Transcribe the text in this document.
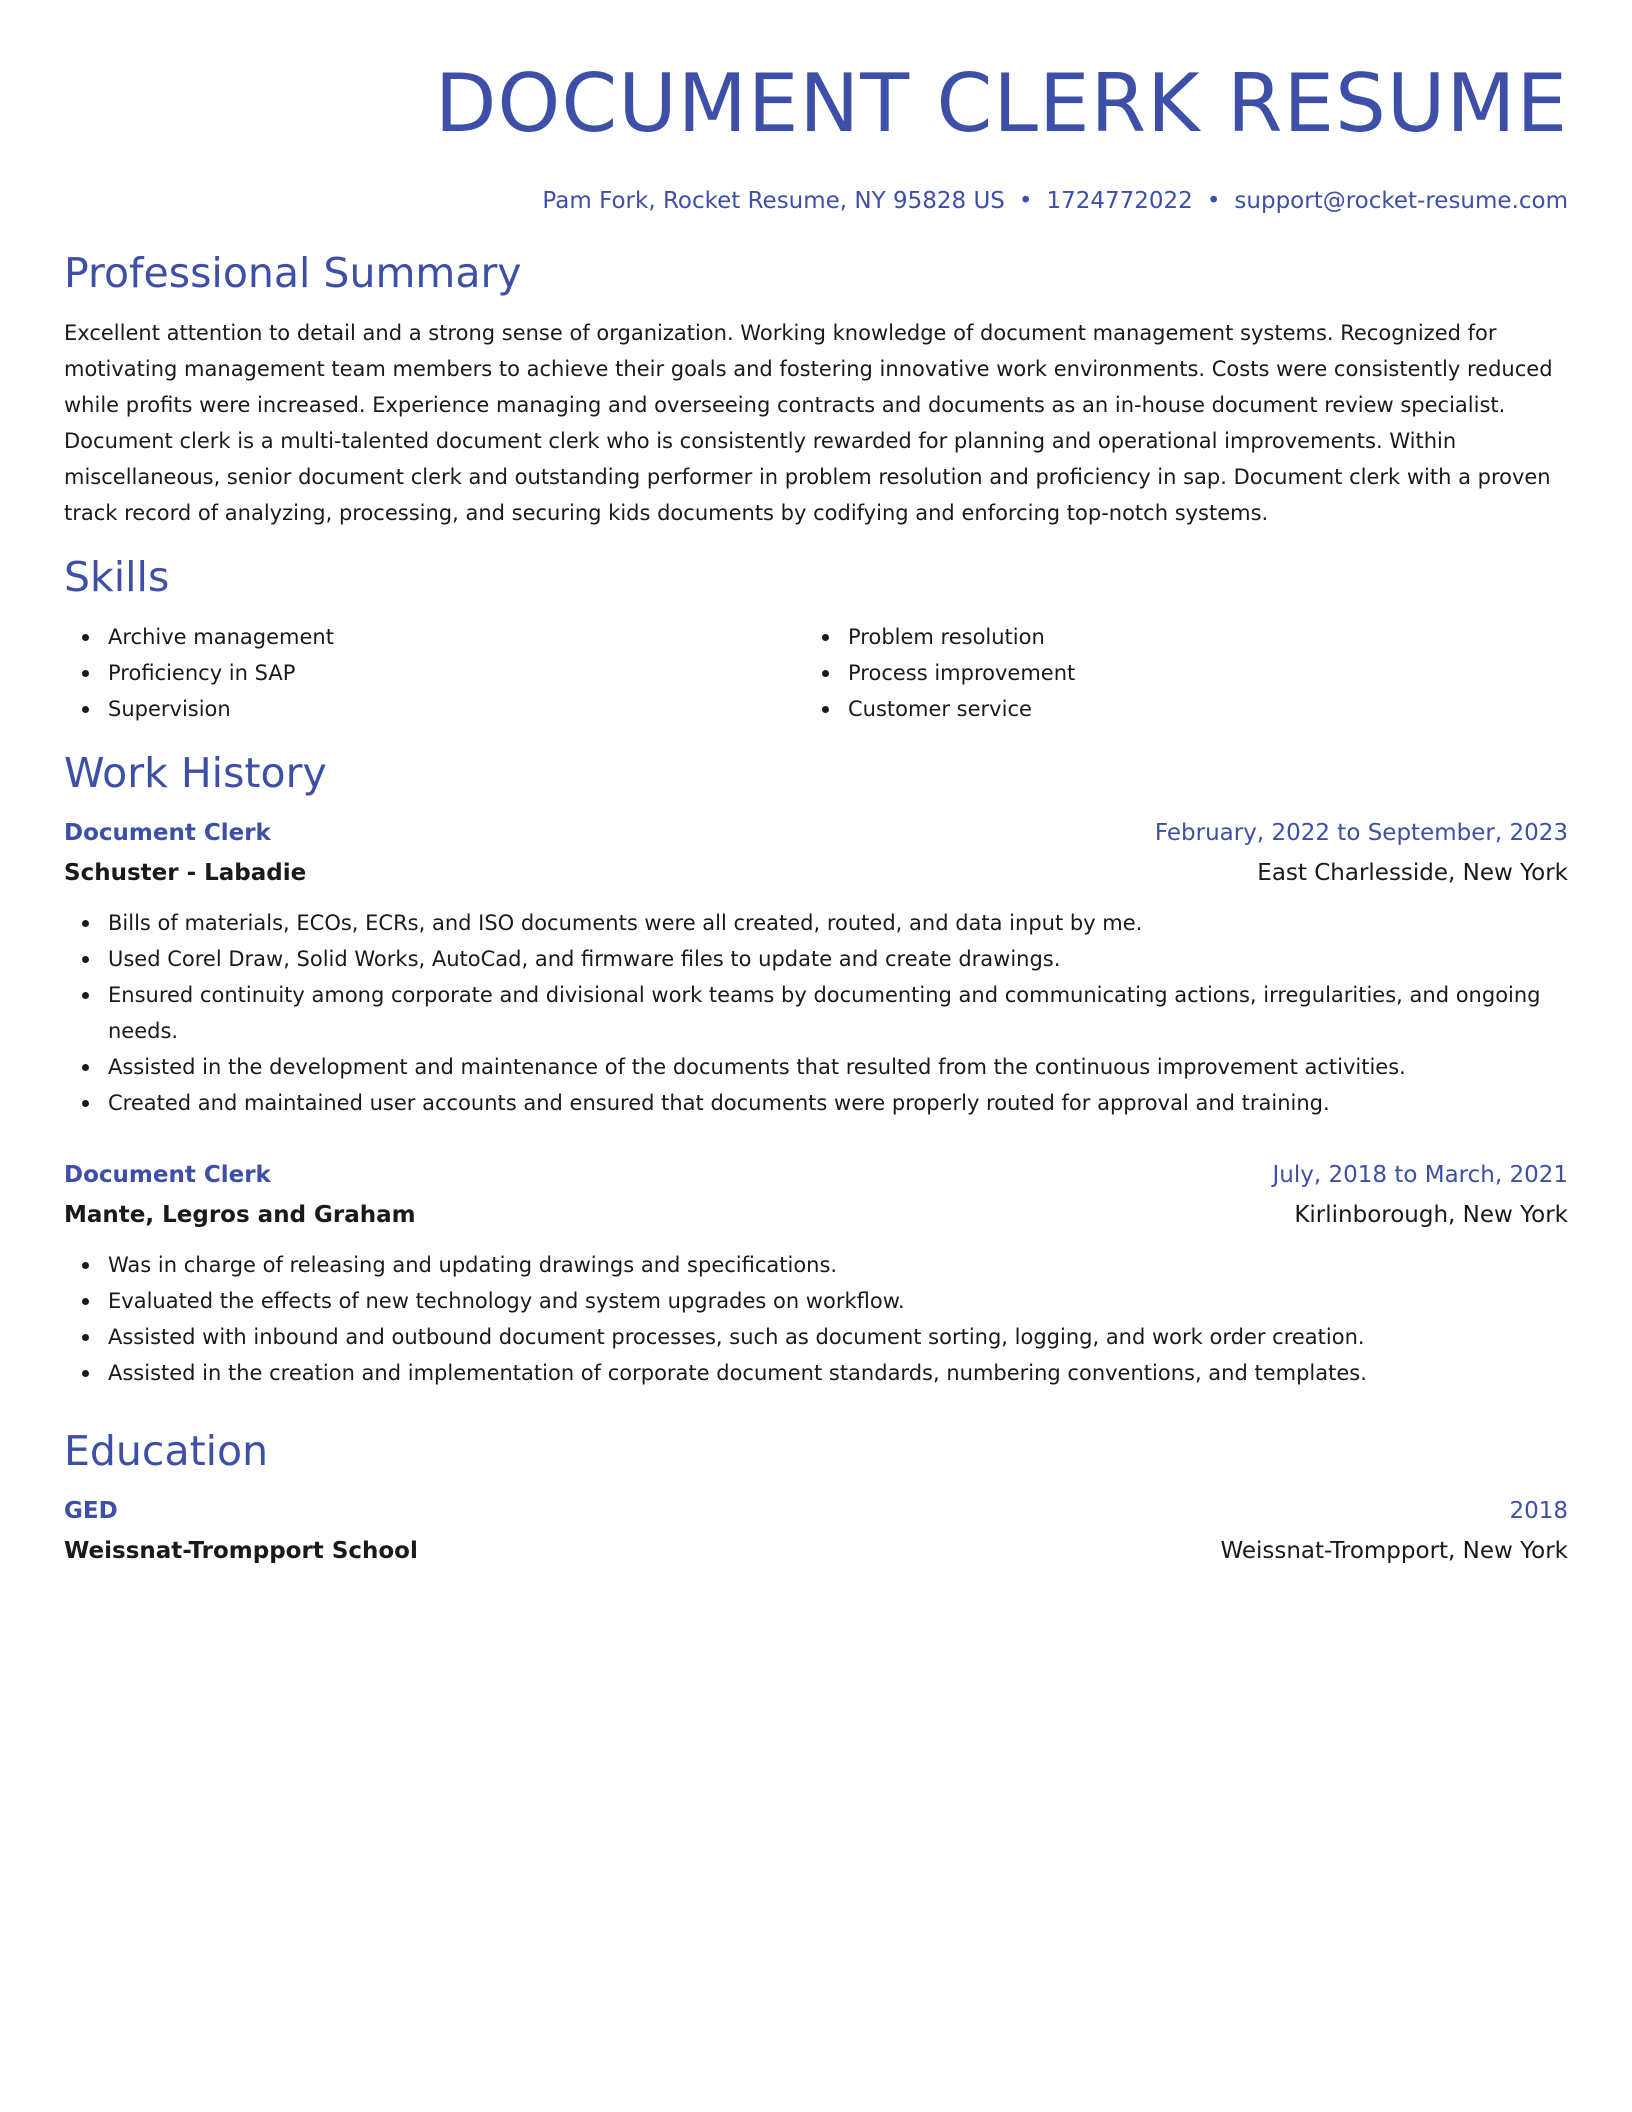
DOCUMENT CLERK RESUME
Pam Fork, Rocket Resume, NY 95828 US • 1724772022 • support@rocket-resume.com
Professional Summary

Excellent attention to detail and a strong sense of organization. Working knowledge of document management systems. Recognized for motivating management team members to achieve their goals and fostering innovative work environments. Costs were consistently reduced while profits were increased. Experience managing and overseeing contracts and documents as an in-house document review specialist. Document clerk is a multi-talented document clerk who is consistently rewarded for planning and operational improvements. Within miscellaneous, senior document clerk and outstanding performer in problem resolution and proficiency in sap. Document clerk with a proven track record of analyzing, processing, and securing kids documents by codifying and enforcing top-notch systems.

Skills
Archive management
Proficiency in SAP
Supervision
Problem resolution
Process improvement
Customer service
Work History
Document Clerk	February, 2022 to September, 2023
Schuster - Labadie	East Charlesside, New York
Bills of materials, ECOs, ECRs, and ISO documents were all created, routed, and data input by me.
Used Corel Draw, Solid Works, AutoCad, and firmware files to update and create drawings.
Ensured continuity among corporate and divisional work teams by documenting and communicating actions, irregularities, and ongoing needs.
Assisted in the development and maintenance of the documents that resulted from the continuous improvement activities.
Created and maintained user accounts and ensured that documents were properly routed for approval and training.
Document Clerk	July, 2018 to March, 2021
Mante, Legros and Graham	Kirlinborough, New York
Was in charge of releasing and updating drawings and specifications.
Evaluated the effects of new technology and system upgrades on workflow.
Assisted with inbound and outbound document processes, such as document sorting, logging, and work order creation.
Assisted in the creation and implementation of corporate document standards, numbering conventions, and templates.
Education
GED	2018
Weissnat-Trompport School	Weissnat-Trompport, New York
